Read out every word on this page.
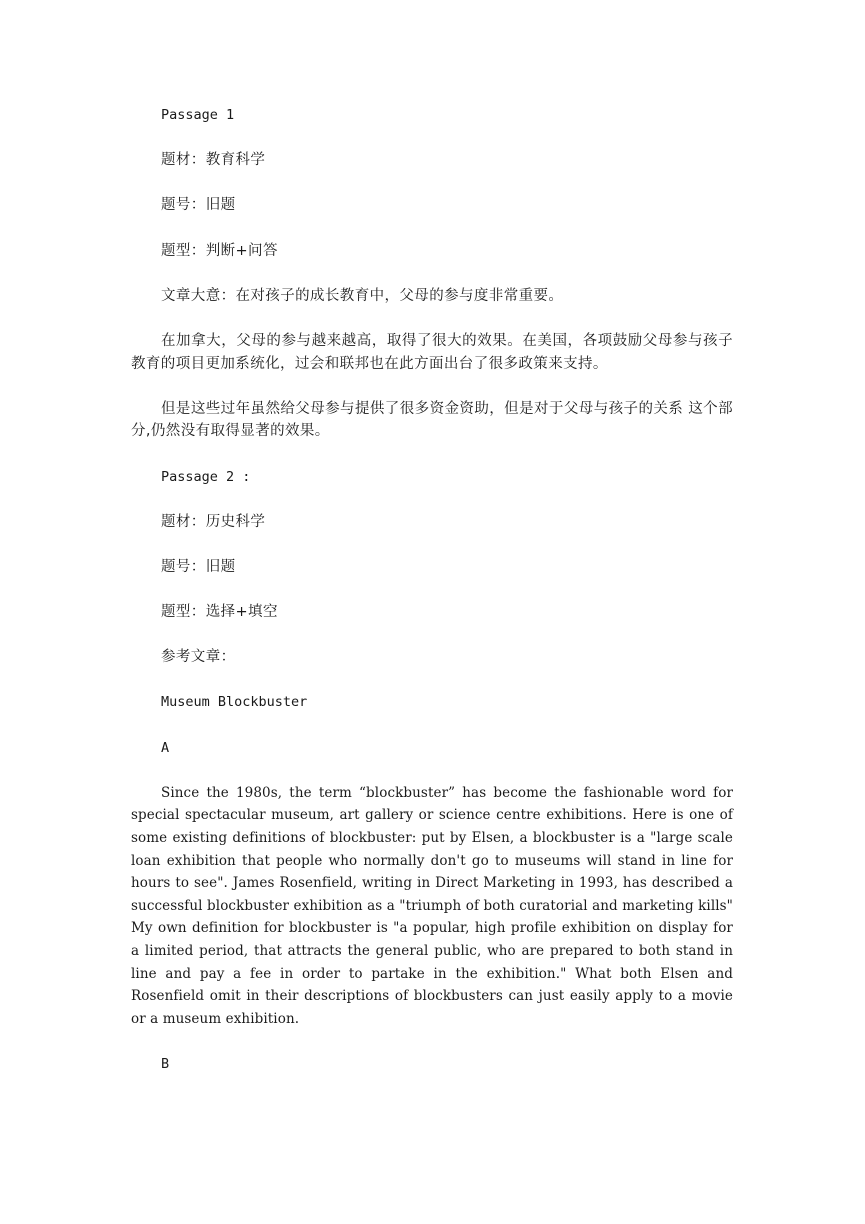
Passage 1

题材：教育科学

题号：旧题

题型：判断+问答

文章大意：在对孩子的成长教育中，父母的参与度非常重要。

在加拿大，父母的参与越来越高，取得了很大的效果。在美国，各项鼓励父母参与孩子教育的项目更加系统化，过会和联邦也在此方面出台了很多政策来支持。

但是这些过年虽然给父母参与提供了很多资金资助，但是对于父母与孩子的关系 这个部分,仍然没有取得显著的效果。

Passage 2 :

题材：历史科学

题号：旧题

题型：选择+填空

参考文章：

Museum Blockbuster

A

Since the 1980s, the term “blockbuster” has become the fashionable word for special spectacular museum, art gallery or science centre exhibitions. Here is one of some existing definitions of blockbuster: put by Elsen, a blockbuster is a "large scale loan exhibition that people who normally don't go to museums will stand in line for hours to see". James Rosenfield, writing in Direct Marketing in 1993, has described a successful blockbuster exhibition as a "triumph of both curatorial and marketing kills" My own definition for blockbuster is "a popular, high profile exhibition on display for a limited period, that attracts the general public, who are prepared to both stand in line and pay a fee in order to partake in the exhibition." What both Elsen and Rosenfield omit in their descriptions of blockbusters can just easily apply to a movie or a museum exhibition.

B
